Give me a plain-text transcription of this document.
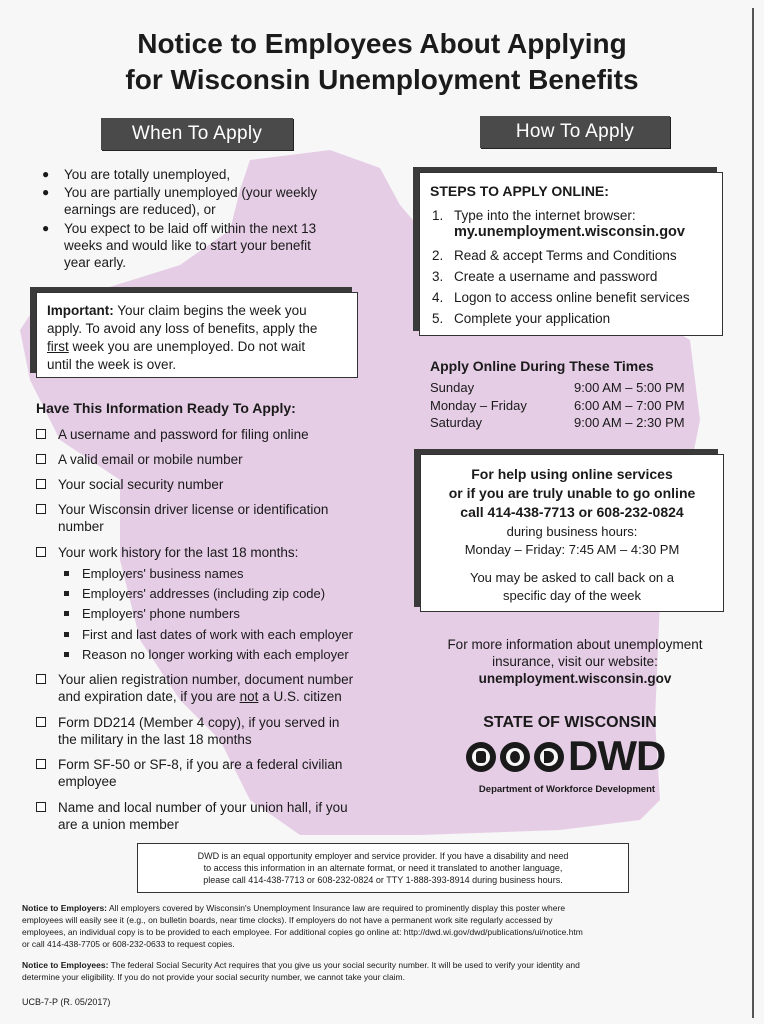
Notice to Employees About Applying
for Wisconsin Unemployment Benefits
When To Apply	How To Apply
● You are totally unemployed,
● You are partially unemployed (your weekly
earnings are reduced), or
● You expect to be laid off within the next 13
weeks and would like to start your benefit
year early.
Important: Your claim begins the week you
apply. To avoid any loss of benefits, apply the
first week you are unemployed. Do not wait
until the week is over.
Have This Information Ready To Apply:
A username and password for filing online
A valid email or mobile number
Your social security number
Your Wisconsin driver license or identification
number
Your work history for the last 18 months:
Employers' business names
Employers' addresses (including zip code)
Employers' phone numbers
First and last dates of work with each employer
Reason no longer working with each employer
Your alien registration number, document number
and expiration date, if you are not a U.S. citizen
Form DD214 (Member 4 copy), if you served in
the military in the last 18 months
Form SF-50 or SF-8, if you are a federal civilian
employee
Name and local number of your union hall, if you
are a union member
STEPS TO APPLY ONLINE:
1. Type into the internet browser:
my.unemployment.wisconsin.gov
2. Read & accept Terms and Conditions
3. Create a username and password
4. Logon to access online benefit services
5. Complete your application
Apply Online During These Times
Sunday	9:00 AM – 5:00 PM
Monday – Friday	6:00 AM – 7:00 PM
Saturday	9:00 AM – 2:30 PM
For help using online services
or if you are truly unable to go online
call 414-438-7713 or 608-232-0824
during business hours:
Monday – Friday: 7:45 AM – 4:30 PM
You may be asked to call back on a
specific day of the week
For more information about unemployment
insurance, visit our website:
unemployment.wisconsin.gov
STATE OF WISCONSIN
DWD
Department of Workforce Development
DWD is an equal opportunity employer and service provider. If you have a disability and need
to access this information in an alternate format, or need it translated to another language,
please call 414-438-7713 or 608-232-0824 or TTY 1-888-393-8914 during business hours.
Notice to Employers: All employers covered by Wisconsin's Unemployment Insurance law are required to prominently display this poster where
employees will easily see it (e.g., on bulletin boards, near time clocks). If employers do not have a permanent work site regularly accessed by
employees, an individual copy is to be provided to each employee. For additional copies go online at: http://dwd.wi.gov/dwd/publications/ui/notice.htm
or call 414-438-7705 or 608-232-0633 to request copies.
Notice to Employees: The federal Social Security Act requires that you give us your social security number. It will be used to verify your identity and
determine your eligibility. If you do not provide your social security number, we cannot take your claim.
UCB-7-P (R. 05/2017)
